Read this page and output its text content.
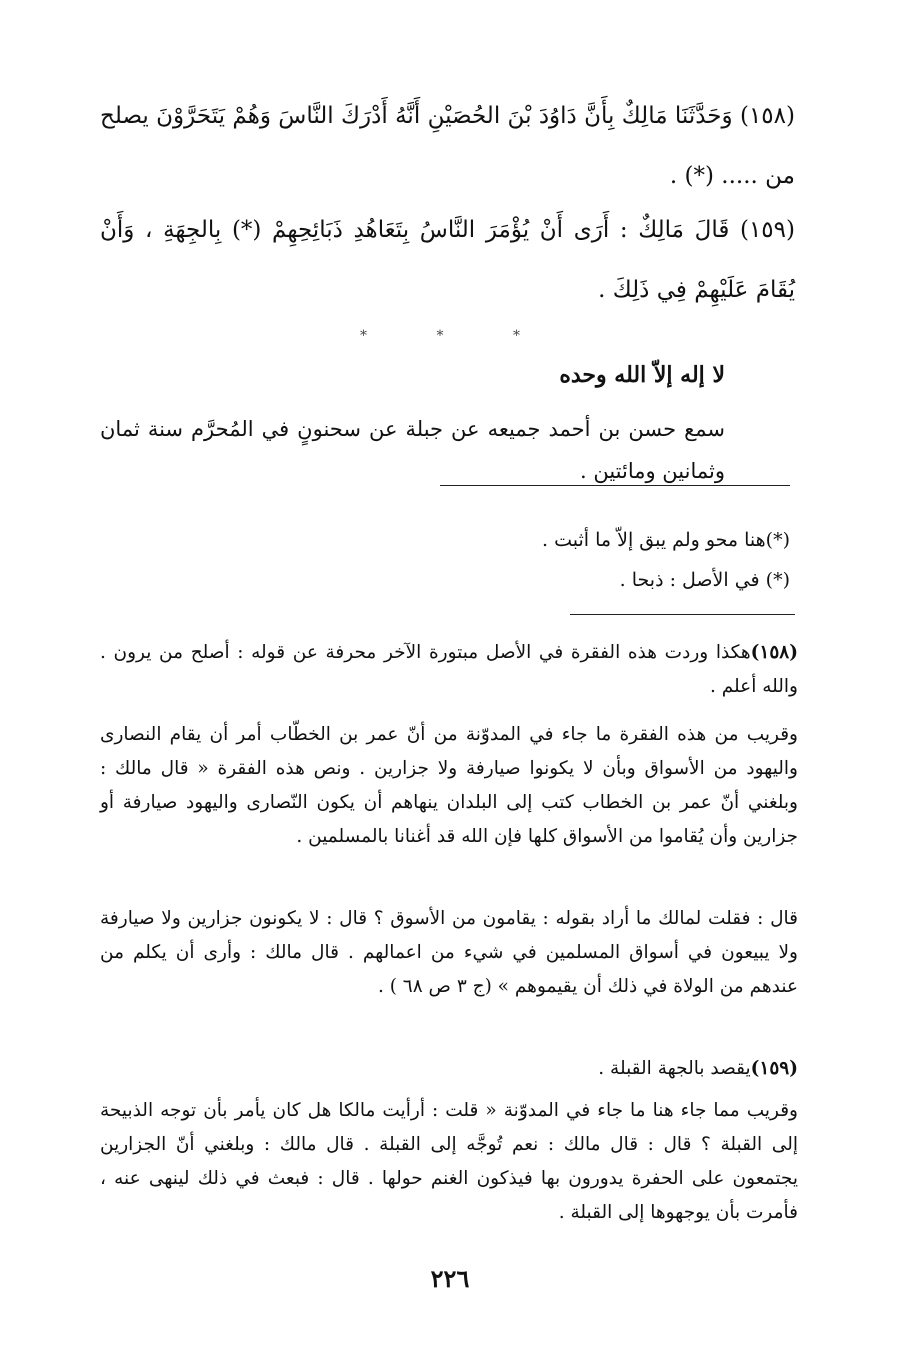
(١٥٨) وَحَدَّثَنَا مَالِكٌ بِأَنَّ دَاوُدَ بْنَ الحُصَيْنِ أَنَّهُ أَدْرَكَ النَّاسَ وَهُمْ يَتَحَرَّوْنَ يصلح من ..... (*) .
(١٥٩) قَالَ مَالِكٌ : أَرَى أَنْ يُؤْمَرَ النَّاسُ بِتَعَاهُدِ ذَبَائِحِهِمْ (*) بِالجِهَةِ ، وَأَنْ يُقَامَ عَلَيْهِمْ فِي ذَلِكَ .
*	*	*
لا إله إلاّ الله وحده
سمع حسن بن أحمد جميعه عن جبلة عن سحنونٍ في المُحرَّم سنة ثمان وثمانين ومائتين .
(*)هنا محو ولم يبق إلاّ ما أثبت .
(*) في الأصل : ذبحا .
(١٥٨)هكذا وردت هذه الفقرة في الأصل مبتورة الآخر محرفة عن قوله : أصلح من يرون . والله أعلم .
وقريب من هذه الفقرة ما جاء في المدوّنة من أنّ عمر بن الخطّاب أمر أن يقام النصارى واليهود من الأسواق وبأن لا يكونوا صيارفة ولا جزارين . ونص هذه الفقرة « قال مالك : وبلغني أنّ عمر بن الخطاب كتب إلى البلدان ينهاهم أن يكون النّصارى واليهود صيارفة أو جزارين وأن يُقاموا من الأسواق كلها فإن الله قد أغنانا بالمسلمين .
قال : فقلت لمالك ما أراد بقوله : يقامون من الأسوق ؟ قال : لا يكونون جزارين ولا صيارفة ولا يبيعون في أسواق المسلمين في شيء من اعمالهم . قال مالك : وأرى أن يكلم من عندهم من الولاة في ذلك أن يقيموهم » (ج ٣ ص ٦٨ ) .
(١٥٩)يقصد بالجهة القبلة .
وقريب مما جاء هنا ما جاء في المدوّنة « قلت : أرأيت مالكا هل كان يأمر بأن توجه الذبيحة إلى القبلة ؟ قال : قال مالك : نعم تُوجَّه إلى القبلة . قال مالك : وبلغني أنّ الجزارين يجتمعون على الحفرة يدورون بها فيذكون الغنم حولها . قال : فبعث في ذلك لينهى عنه ، فأمرت بأن يوجهوها إلى القبلة .
٢٢٦
